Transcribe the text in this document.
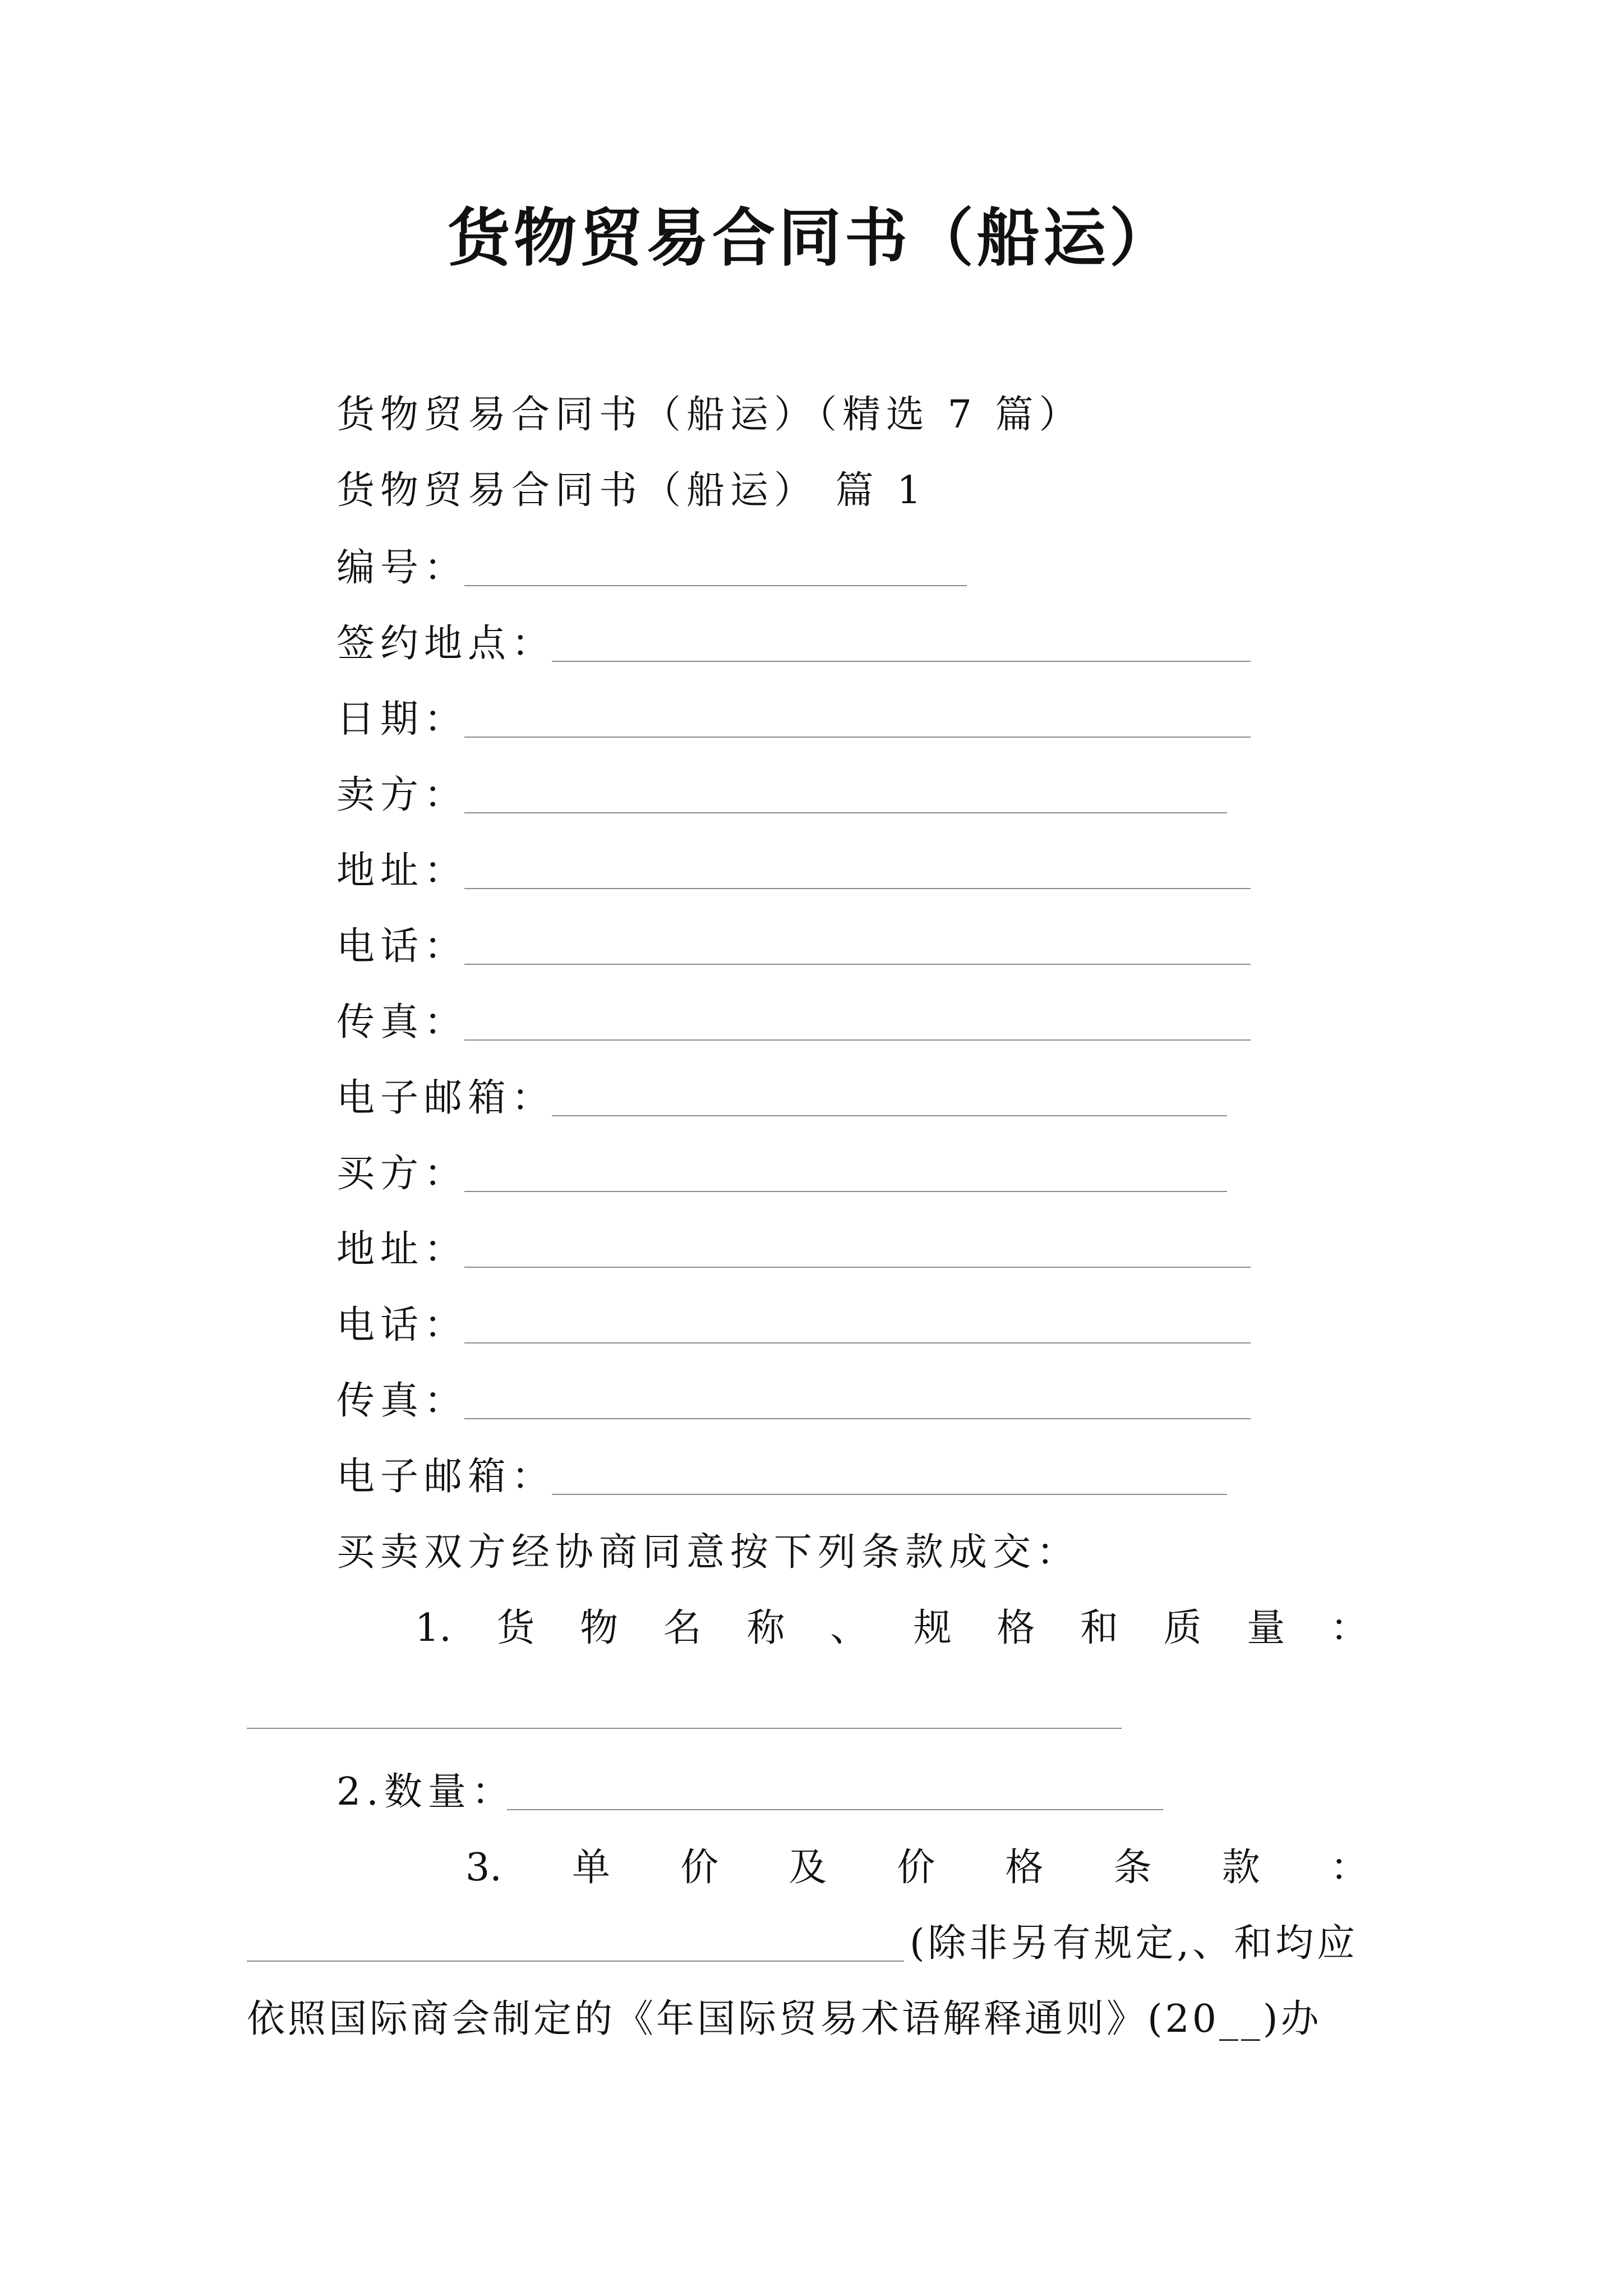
货物贸易合同书（船运）
货物贸易合同书（船运）（精选 7 篇）
货物贸易合同书（船运） 篇 1
编号：
签约地点：
日期：
卖方：
地址：
电话：
传真：
电子邮箱：
买方：
地址：
电话：
传真：
电子邮箱：
买卖双方经协商同意按下列条款成交：
1. 货 物 名 称 、 规 格 和 质 量 ：
2.数量：
3. 单 价 及 价 格 条 款 ：
(除非另有规定,、和均应
依照国际商会制定的《年国际贸易术语解释通则》(20__)办
